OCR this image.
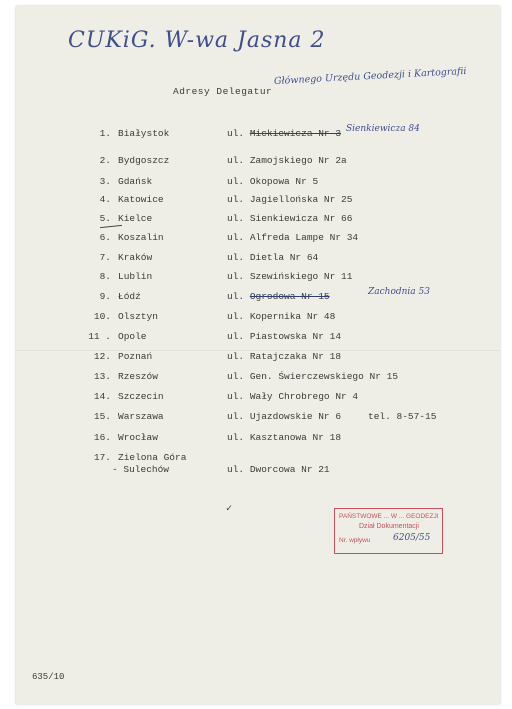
CUKiG. W-wa Jasna 2
Adresy Delegatur
Głównego Urzędu Geodezji i Kartografii
1. Białystok	ul. Mickiewicza Nr 3 Sienkiewicza 84
2. Bydgoszcz	ul. Zamojskiego Nr 2a
3. Gdańsk	ul. Okopowa Nr 5
4. Katowice	ul. Jagiellońska Nr 25
5. Kielce	ul. Sienkiewicza Nr 66
6. Koszalin	ul. Alfreda Lampe Nr 34
7. Kraków	ul. Dietla Nr 64
8. Lublin	ul. Szewińskiego Nr 11
9. Łódź	ul. Ogrodowa Nr 15	Zachodnia 53
10. Olsztyn	ul. Kopernika Nr 48
11 . Opole	ul. Piastowska Nr 14
12. Poznań	ul. Ratajczaka Nr 18
13. Rzeszów	ul. Gen. Świerczewskiego Nr 15
14. Szczecin	ul. Wały Chrobrego Nr 4
15. Warszawa	ul. Ujazdowskie Nr 6	tel. 8-57-15
16. Wrocław	ul. Kasztanowa Nr 18
17. Zielona Góra
- Sulechów	ul. Dworcowa Nr 21
✓
PAŃSTWOWE ... W ... GEODEZJI
Dział Dokumentacji
Nr. wpływu	6205/55
635/10
